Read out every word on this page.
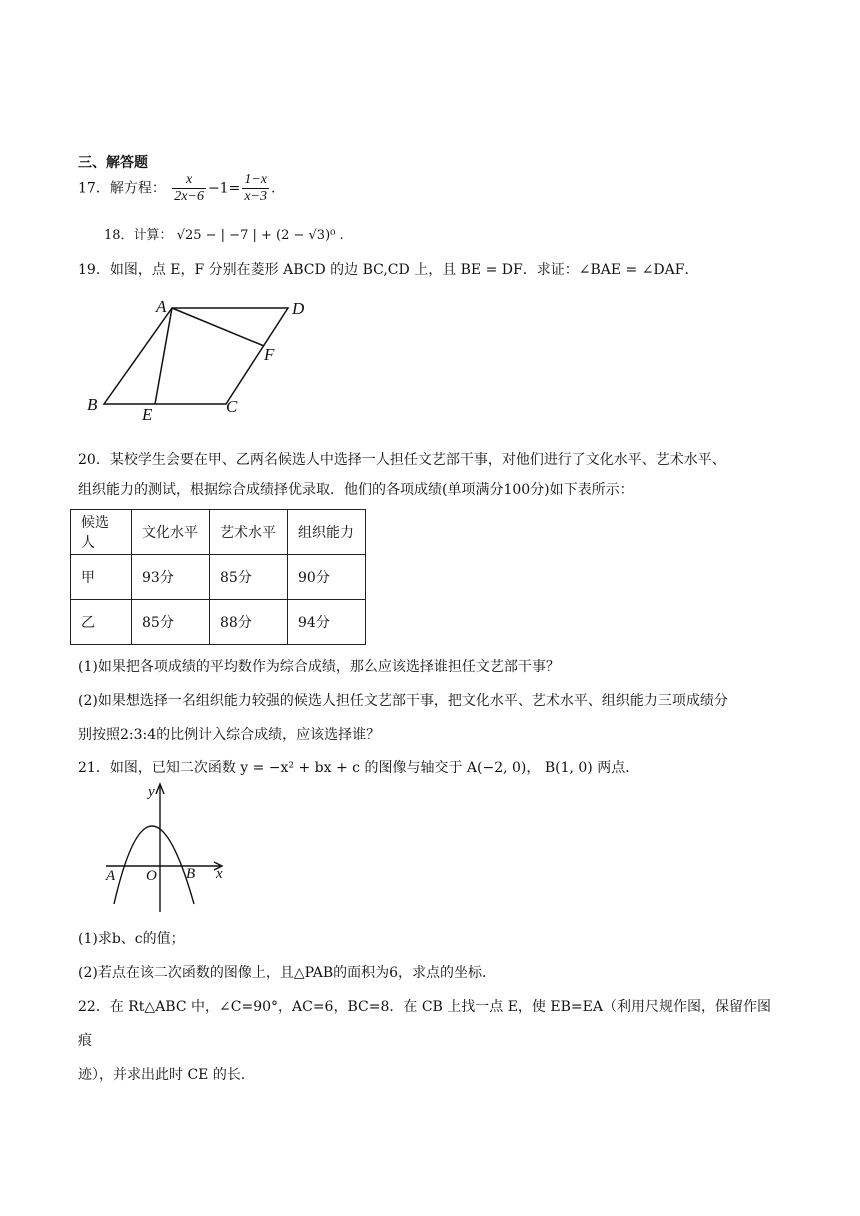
三、解答题
17．解方程： $\frac{x}{2x-6} -1= \frac{1-x}{x-3}$ .
18．计算： √25 − | −7 | + (2 − √3)⁰ .
19．如图，点 E，F 分别在菱形 ABCD 的边 BC,CD 上，且 BE = DF．求证：∠BAE = ∠DAF．
A	D
F
B
E	C
20．某校学生会要在甲、乙两名候选人中选择一人担任文艺部干事，对他们进行了文化水平、艺术水平、
组织能力的测试，根据综合成绩择优录取．他们的各项成绩(单项满分100分)如下表所示：
候选人	文化水平	艺术水平	组织能力
甲	93分	85分	90分
乙	85分	88分	94分
(1)如果把各项成绩的平均数作为综合成绩，那么应该选择谁担任文艺部干事？
(2)如果想选择一名组织能力较强的候选人担任文艺部干事，把文化水平、艺术水平、组织能力三项成绩分
别按照2:3:4的比例计入综合成绩，应该选择谁？
21．如图，已知二次函数 y = −x² + bx + c 的图像与轴交于 A(−2, 0)， B(1, 0) 两点．
y
x
A O B
(1)求b、c的值；
(2)若点在该二次函数的图像上，且△PAB的面积为6，求点的坐标．
22．在 Rt△ABC 中，∠C=90°，AC=6，BC=8．在 CB 上找一点 E，使 EB=EA（利用尺规作图，保留作图痕
迹），并求出此时 CE 的长．
